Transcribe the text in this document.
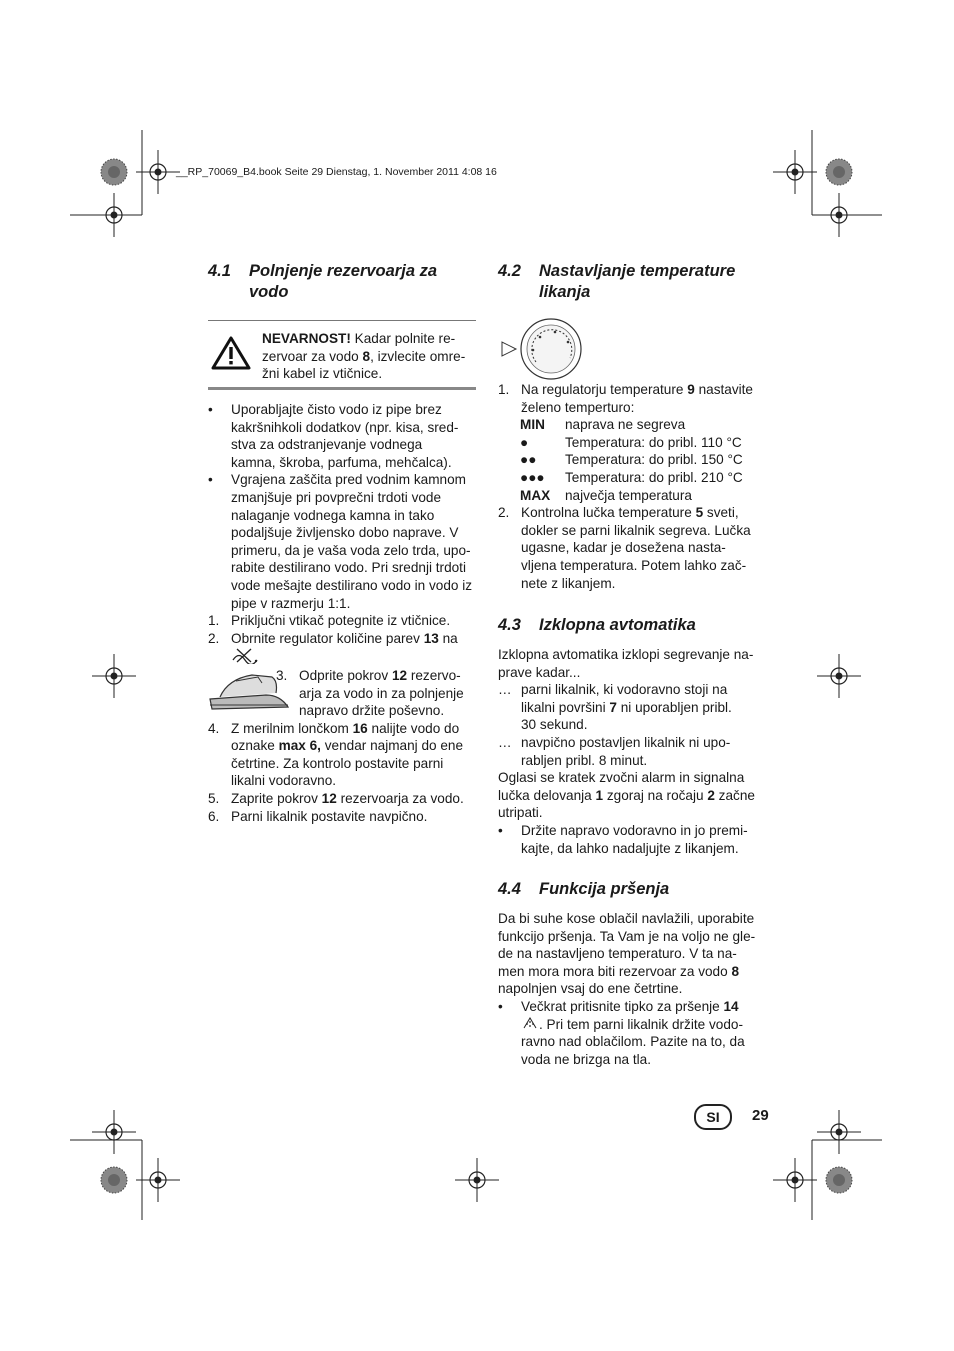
__RP_70069_B4.book Seite 29 Dienstag, 1. November 2011 4:08 16
4.1 Polnjenje rezervoarja za
vodo
NEVARNOST! Kadar polnite re-
zervoar za vodo 8, izvlecite omre-
žni kabel iz vtičnice.
• Uporabljajte čisto vodo iz pipe brez
kakršnihkoli dodatkov (npr. kisa, sred-
stva za odstranjevanje vodnega
kamna, škroba, parfuma, mehčalca).
• Vgrajena zaščita pred vodnim kamnom
zmanjšuje pri povprečni trdoti vode
nalaganje vodnega kamna in tako
podaljšuje življensko dobo naprave. V
primeru, da je vaša voda zelo trda, upo-
rabite destilirano vodo. Pri srednji trdoti
vode mešajte destilirano vodo in vodo iz
pipe v razmerju 1:1.
1. Priključni vtikač potegnite iz vtičnice.
2. Obrnite regulator količine parev 13 na
3. Odprite pokrov 12 rezervo-
arja za vodo in za polnjenje
napravo držite poševno.
4. Z merilnim lončkom 16 nalijte vodo do
oznake max 6, vendar najmanj do ene
četrtine. Za kontrolo postavite parni
likalni vodoravno.
5. Zaprite pokrov 12 rezervoarja za vodo.
6. Parni likalnik postavite navpično.
4.2 Nastavljanje temperature
likanja
1. Na regulatorju temperature 9 nastavite
želeno temperturo:
MIN naprava ne segreva
●	Temperatura: do pribl. 110 °C
●● Temperatura: do pribl. 150 °C
●●● Temperatura: do pribl. 210 °C
MAX največja temperatura
2. Kontrolna lučka temperature 5 sveti,
dokler se parni likalnik segreva. Lučka
ugasne, kadar je dosežena nasta-
vljena temperatura. Potem lahko zač-
nete z likanjem.
4.3 Izklopna avtomatika
Izklopna avtomatika izklopi segrevanje na-
prave kadar...
… parni likalnik, ki vodoravno stoji na
likalni površini 7 ni uporabljen pribl.
30 sekund.
… navpično postavljen likalnik ni upo-
rabljen pribl. 8 minut.
Oglasi se kratek zvočni alarm in signalna
lučka delovanja 1 zgoraj na ročaju 2 začne
utripati.
• Držite napravo vodoravno in jo premi-
kajte, da lahko nadaljujte z likanjem.
4.4 Funkcija pršenja
Da bi suhe kose oblačil navlažili, uporabite
funkcijo pršenja. Ta Vam je na voljo ne gle-
de na nastavljeno temperaturo. V ta na-
men mora mora biti rezervoar za vodo 8
napolnjen vsaj do ene četrtine.
• Večkrat pritisnite tipko za pršenje 14
. Pri tem parni likalnik držite vodo-
ravno nad oblačilom. Pazite na to, da
voda ne brizga na tla.
SI	29
